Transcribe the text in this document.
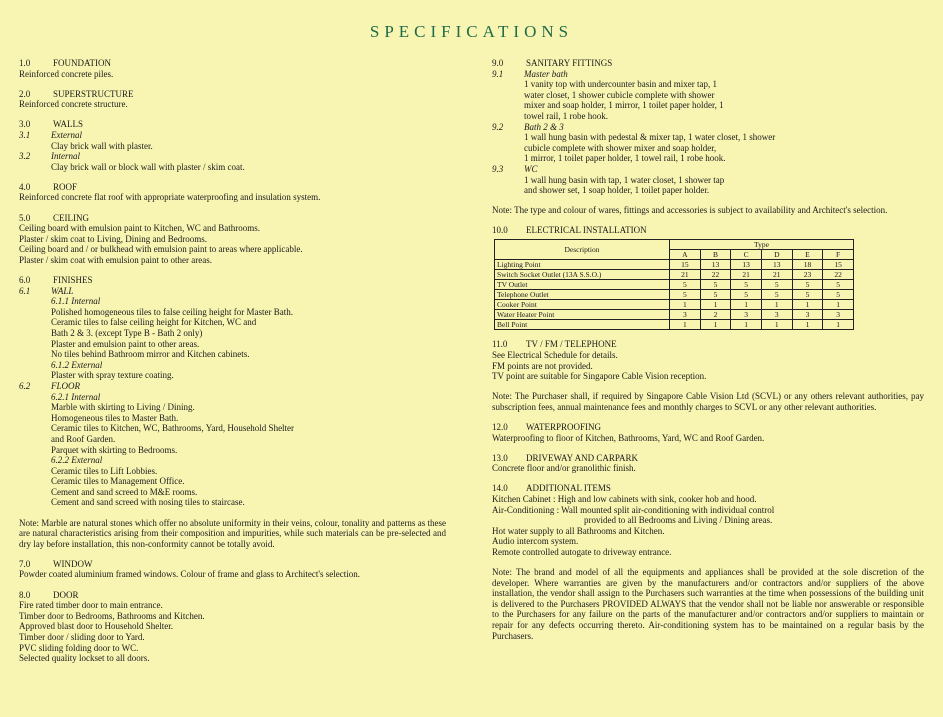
SPECIFICATIONS
1.0	FOUNDATION
Reinforced concrete piles.
2.0	SUPERSTRUCTURE
Reinforced concrete structure.
3.0	WALLS
3.1 External
Clay brick wall with plaster.
3.2 Internal
Clay brick wall or block wall with plaster / skim coat.
4.0	ROOF
Reinforced concrete flat roof with appropriate waterproofing and insulation system.
5.0	CEILING
Ceiling board with emulsion paint to Kitchen, WC and Bathrooms.
Plaster / skim coat to Living, Dining and Bedrooms.
Ceiling board and / or bulkhead with emulsion paint to areas where applicable.
Plaster / skim coat with emulsion paint to other areas.
6.0	FINISHES
6.1 WALL
6.1.1 Internal
Polished homogeneous tiles to false ceiling height for Master Bath.
Ceramic tiles to false ceiling height for Kitchen, WC and
Bath 2 & 3. (except Type B - Bath 2 only)
Plaster and emulsion paint to other areas.
No tiles behind Bathroom mirror and Kitchen cabinets.
6.1.2 External
Plaster with spray texture coating.
6.2 FLOOR
6.2.1 Internal
Marble with skirting to Living / Dining.
Homogeneous tiles to Master Bath.
Ceramic tiles to Kitchen, WC, Bathrooms, Yard, Household Shelter
and Roof Garden.
Parquet with skirting to Bedrooms.
6.2.2 External
Ceramic tiles to Lift Lobbies.
Ceramic tiles to Management Office.
Cement and sand screed to M&E rooms.
Cement and sand screed with nosing tiles to staircase.
Note: Marble are natural stones which offer no absolute uniformity in their veins, colour, tonality and patterns as these are natural characteristics arising from their composition and impurities, while such materials can be pre-selected and dry lay before installation, this non-conformity cannot be totally avoid.
7.0	WINDOW
Powder coated aluminium framed windows. Colour of frame and glass to Architect's selection.
8.0	DOOR
Fire rated timber door to main entrance.
Timber door to Bedrooms, Bathrooms and Kitchen.
Approved blast door to Household Shelter.
Timber door / sliding door to Yard.
PVC sliding folding door to WC.
Selected quality lockset to all doors.
9.0	SANITARY FITTINGS
9.1 Master bath
1 vanity top with undercounter basin and mixer tap, 1
water closet, 1 shower cubicle complete with shower
mixer and soap holder, 1 mirror, 1 toilet paper holder, 1
towel rail, 1 robe hook.
9.2 Bath 2 & 3
1 wall hung basin with pedestal & mixer tap, 1 water closet, 1 shower
cubicle complete with shower mixer and soap holder,
1 mirror, 1 toilet paper holder, 1 towel rail, 1 robe hook.
9.3 WC
1 wall hung basin with tap, 1 water closet, 1 shower tap
and shower set, 1 soap holder, 1 toilet paper holder.
Note: The type and colour of wares, fittings and accessories is subject to availability and Architect's selection.
10.0 ELECTRICAL INSTALLATION
Description	Type					
	A	B	C	D	E	F
Lighting Point	15	13	13	13	18	15
Switch Socket Outlet (13A S.S.O.)	21	22	21	21	23	22
TV Outlet	5	5	5	5	5	5
Telephone Outlet	5	5	5	5	5	5
Cooker Point	1	1	1	1	1	1
Water Heater Point	3	2	3	3	3	3
Bell Point	1	1	1	1	1	1
11.0 TV / FM / TELEPHONE
See Electrical Schedule for details.
FM points are not provided.
TV point are suitable for Singapore Cable Vision reception.
Note: The Purchaser shall, if required by Singapore Cable Vision Ltd (SCVL) or any others relevant authorities, pay subscription fees, annual maintenance fees and monthly charges to SCVL or any other relevant authorities.
12.0 WATERPROOFING
Waterproofing to floor of Kitchen, Bathrooms, Yard, WC and Roof Garden.
13.0 DRIVEWAY AND CARPARK
Concrete floor and/or granolithic finish.
14.0 ADDITIONAL ITEMS
Kitchen Cabinet : High and low cabinets with sink, cooker hob and hood.
Air-Conditioning : Wall mounted split air-conditioning with individual control
provided to all Bedrooms and Living / Dining areas.
Hot water supply to all Bathrooms and Kitchen.
Audio intercom system.
Remote controlled autogate to driveway entrance.
Note: The brand and model of all the equipments and appliances shall be provided at the sole discretion of the developer. Where warranties are given by the manufacturers and/or contractors and/or suppliers of the above installation, the vendor shall assign to the Purchasers such warranties at the time when possessions of the building unit is delivered to the Purchasers PROVIDED ALWAYS that the vendor shall not be liable nor answerable or responsible to the Purchasers for any failure on the parts of the manufacturer and/or contractors and/or suppliers to maintain or repair for any defects occurring thereto. Air-conditioning system has to be maintained on a regular basis by the Purchasers.
